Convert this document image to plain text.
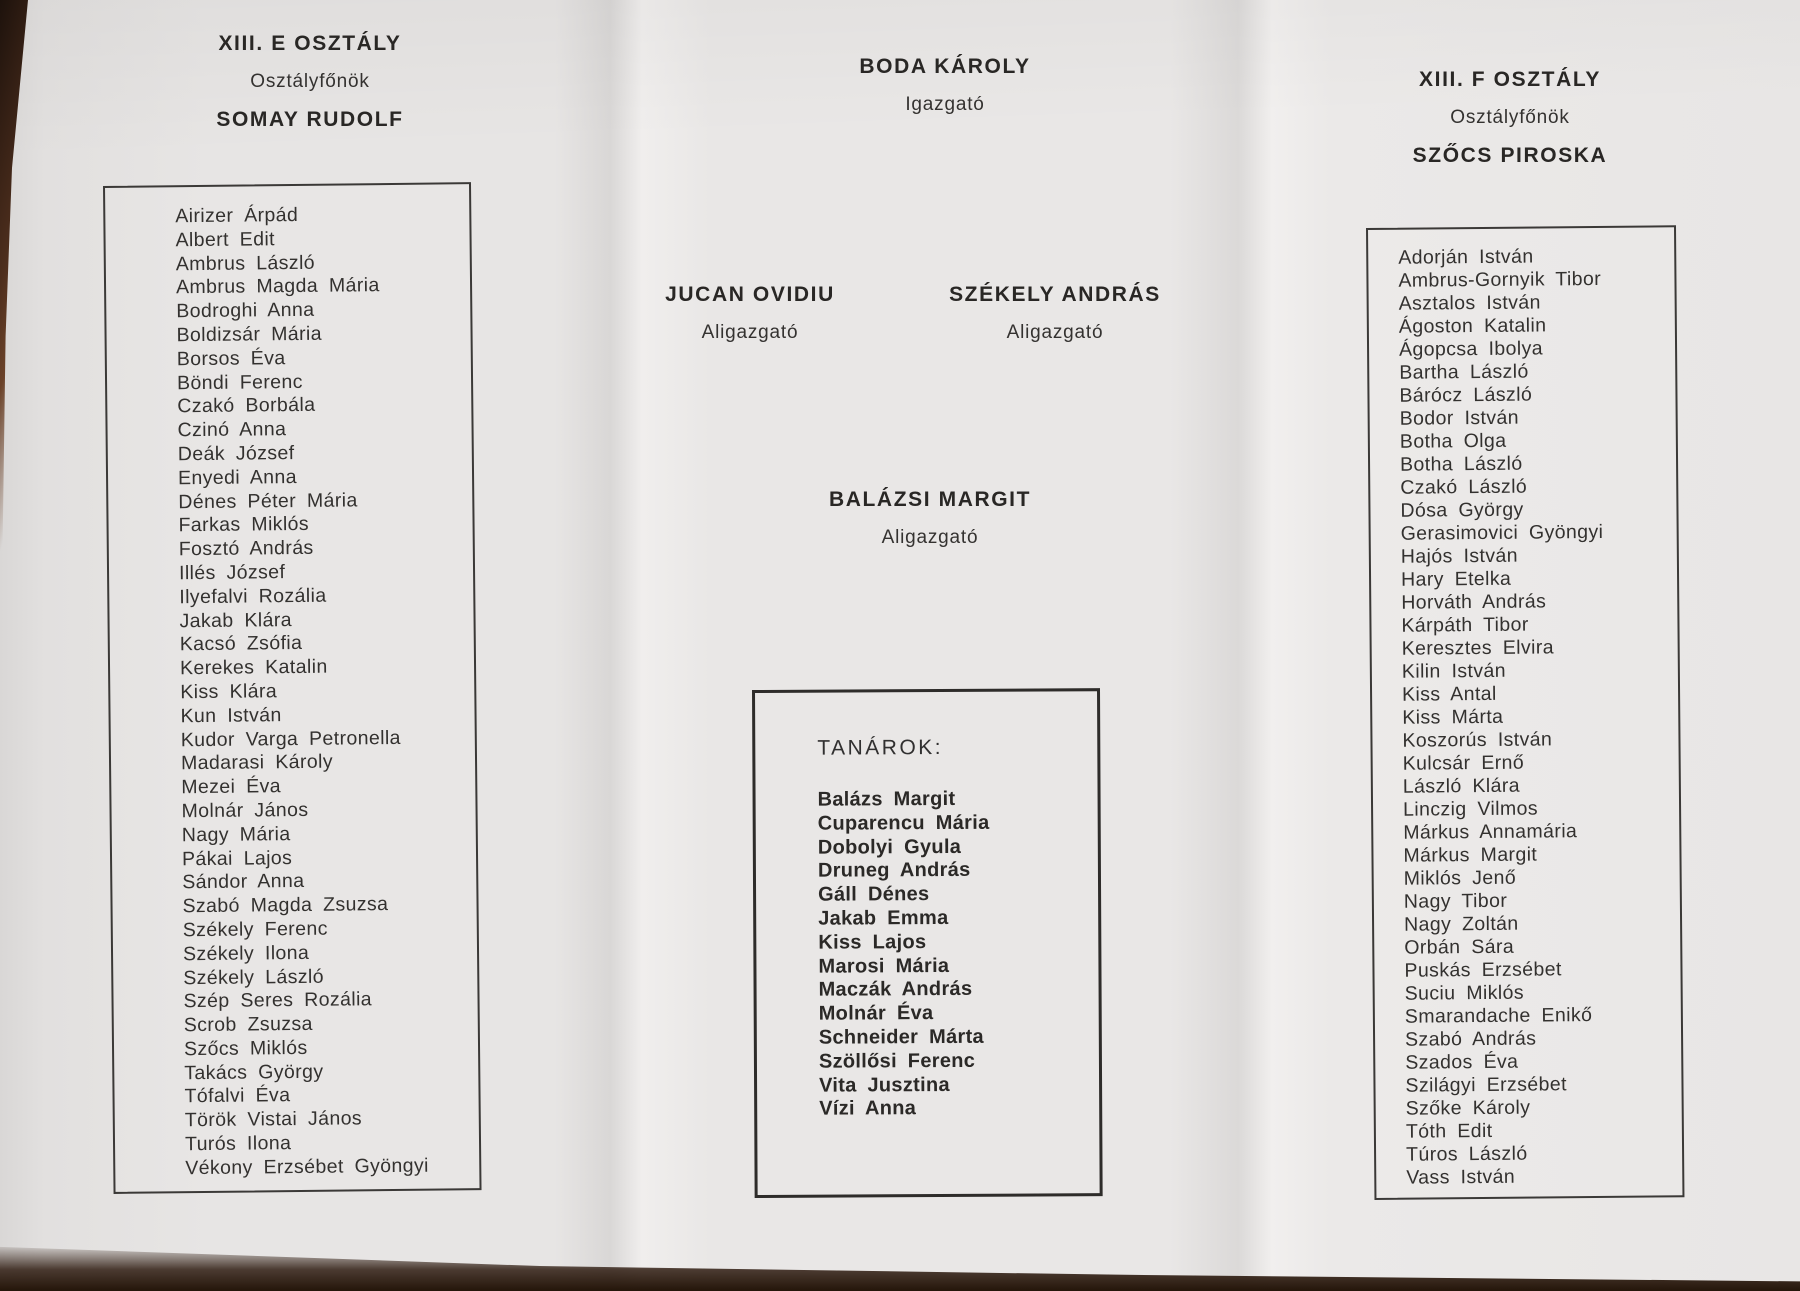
XIII. E OSZTÁLY
Osztályfőnök
SOMAY RUDOLF
Airizer Árpád
Albert Edit
Ambrus László
Ambrus Magda Mária
Bodroghi Anna
Boldizsár Mária
Borsos Éva
Böndi Ferenc
Czakó Borbála
Czinó Anna
Deák József
Enyedi Anna
Dénes Péter Mária
Farkas Miklós
Fosztó András
Illés József
Ilyefalvi Rozália
Jakab Klára
Kacsó Zsófia
Kerekes Katalin
Kiss Klára
Kun István
Kudor Varga Petronella
Madarasi Károly
Mezei Éva
Molnár János
Nagy Mária
Pákai Lajos
Sándor Anna
Szabó Magda Zsuzsa
Székely Ferenc
Székely Ilona
Székely László
Szép Seres Rozália
Scrob Zsuzsa
Szőcs Miklós
Takács György
Tófalvi Éva
Török Vistai János
Turós Ilona
Vékony Erzsébet Gyöngyi
BODA KÁROLY
Igazgató
JUCAN OVIDIU
Aligazgató
SZÉKELY ANDRÁS
Aligazgató
BALÁZSI MARGIT
Aligazgató
TANÁROK:
Balázs Margit
Cuparencu Mária
Dobolyi Gyula
Druneg András
Gáll Dénes
Jakab Emma
Kiss Lajos
Marosi Mária
Maczák András
Molnár Éva
Schneider Márta
Szöllősi Ferenc
Vita Jusztina
Vízi Anna
XIII. F OSZTÁLY
Osztályfőnök
SZŐCS PIROSKA
Adorján István
Ambrus-Gornyik Tibor
Asztalos István
Ágoston Katalin
Ágopcsa Ibolya
Bartha László
Bárócz László
Bodor István
Botha Olga
Botha László
Czakó László
Dósa György
Gerasimovici Gyöngyi
Hajós István
Hary Etelka
Horváth András
Kárpáth Tibor
Keresztes Elvira
Kilin István
Kiss Antal
Kiss Márta
Koszorús István
Kulcsár Ernő
László Klára
Linczig Vilmos
Márkus Annamária
Márkus Margit
Miklós Jenő
Nagy Tibor
Nagy Zoltán
Orbán Sára
Puskás Erzsébet
Suciu Miklós
Smarandache Enikő
Szabó András
Szados Éva
Szilágyi Erzsébet
Szőke Károly
Tóth Edit
Túros László
Vass István
